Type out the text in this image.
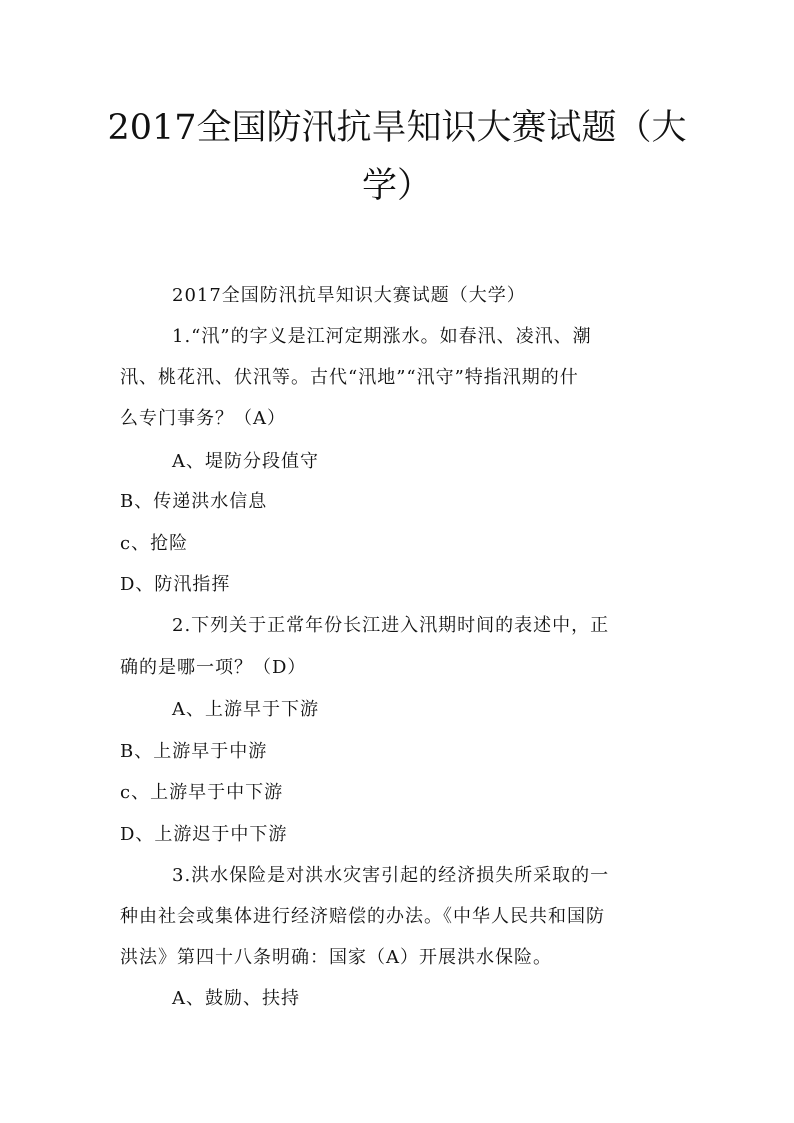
2017全国防汛抗旱知识大赛试题（大
学）
2017全国防汛抗旱知识大赛试题（大学）
1.“汛”的字义是江河定期涨水。如春汛、凌汛、潮
汛、桃花汛、伏汛等。古代“汛地”“汛守”特指汛期的什
么专门事务？（A）
A、堤防分段值守
B、传递洪水信息
c、抢险
D、防汛指挥
2.下列关于正常年份长江进入汛期时间的表述中，正
确的是哪一项？（D）
A、上游早于下游
B、上游早于中游
c、上游早于中下游
D、上游迟于中下游
3.洪水保险是对洪水灾害引起的经济损失所采取的一
种由社会或集体进行经济赔偿的办法。《中华人民共和国防
洪法》第四十八条明确：国家（A）开展洪水保险。
A、鼓励、扶持
